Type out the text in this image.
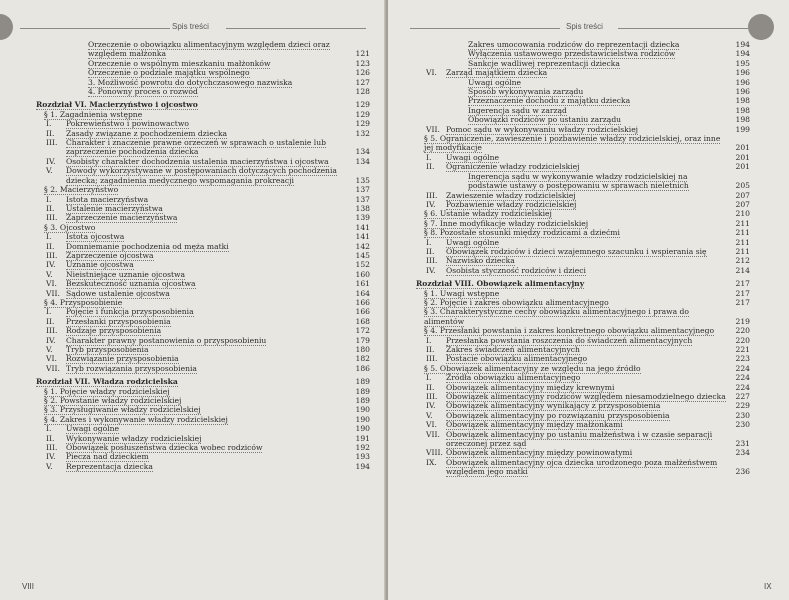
Spis treści
Orzeczenie o obowiązku alimentacyjnym względem dzieci oraz względem małżonka	121
Orzeczenie o wspólnym mieszkaniu małżonków	123
Orzeczenie o podziale majątku wspólnego	126
3. Możliwość powrotu do dotychczasowego nazwiska	127
4. Ponowny proces o rozwód	128
Rozdział VI. Macierzyństwo i ojcostwo	129
§ 1. Zagadnienia wstępne	129
I. Pokrewieństwo i powinowactwo	129
II. Zasady związane z pochodzeniem dziecka	132
III. Charakter i znaczenie prawne orzeczeń w sprawach o ustalenie lub zaprzeczenie pochodzenia dziecka	134
IV. Osobisty charakter dochodzenia ustalenia macierzyństwa i ojcostwa	134
V. Dowody wykorzystywane w postępowaniach dotyczących pochodzenia dziecka; zagadnienia medycznego wspomagania prokreacji	135
§ 2. Macierzyństwo	137
I. Istota macierzyństwa	137
II. Ustalenie macierzyństwa	138
III. Zaprzeczenie macierzyństwa	139
§ 3. Ojcostwo	141
I. Istota ojcostwa	141
II. Domniemanie pochodzenia od męża matki	142
III. Zaprzeczenie ojcostwa	145
IV. Uznanie ojcostwa	152
V. Nieistniejące uznanie ojcostwa	160
VI. Bezskuteczność uznania ojcostwa	161
VII. Sądowe ustalenie ojcostwa	164
§ 4. Przysposobienie	166
I. Pojęcie i funkcja przysposobienia	166
II. Przesłanki przysposobienia	168
III. Rodzaje przysposobienia	172
IV. Charakter prawny postanowienia o przysposobieniu	179
V. Tryb przysposobienia	180
VI. Rozwiązanie przysposobienia	182
VII. Tryb rozwiązania przysposobienia	186
Rozdział VII. Władza rodzicielska	189
§ 1. Pojęcie władzy rodzicielskiej	189
§ 2. Powstanie władzy rodzicielskiej	189
§ 3. Przysługiwanie władzy rodzicielskiej	190
§ 4. Zakres i wykonywanie władzy rodzicielskiej	190
I. Uwagi ogólne	190
II. Wykonywanie władzy rodzicielskiej	191
III. Obowiązek posłuszeństwa dziecka wobec rodziców	192
IV. Piecza nad dzieckiem	193
V. Reprezentacja dziecka	194
VIII
Spis treści
Zakres umocowania rodziców do reprezentacji dziecka	194
Wyłączenia ustawowego przedstawicielstwa rodziców	194
Sankcje wadliwej reprezentacji dziecka	195
VI. Zarząd majątkiem dziecka	196
Uwagi ogólne	196
Sposób wykonywania zarządu	196
Przeznaczenie dochodu z majątku dziecka	198
Ingerencja sądu w zarząd	198
Obowiązki rodziców po ustaniu zarządu	198
VII. Pomoc sądu w wykonywaniu władzy rodzicielskiej	199
§ 5. Ograniczenie, zawieszenie i pozbawienie władzy rodzicielskiej, oraz inne jej modyfikacje	201
I. Uwagi ogólne	201
II. Ograniczenie władzy rodzicielskiej	201
Ingerencja sądu w wykonywanie władzy rodzicielskiej na podstawie ustawy o postępowaniu w sprawach nieletnich	205
III. Zawieszenie władzy rodzicielskiej	207
IV. Pozbawienie władzy rodzicielskiej	207
§ 6. Ustanie władzy rodzicielskiej	210
§ 7. Inne modyfikacje władzy rodzicielskiej	211
§ 8. Pozostałe stosunki między rodzicami a dziećmi	211
I. Uwagi ogólne	211
II. Obowiązek rodziców i dzieci wzajemnego szacunku i wspierania się	211
III. Nazwisko dziecka	212
IV. Osobista styczność rodziców i dzieci	214
Rozdział VIII. Obowiązek alimentacyjny	217
§ 1. Uwagi wstępne	217
§ 2. Pojęcie i zakres obowiązku alimentacyjnego	217
§ 3. Charakterystyczne cechy obowiązku alimentacyjnego i prawa do alimentów	219
§ 4. Przesłanki powstania i zakres konkretnego obowiązku alimentacyjnego	220
I. Przesłanka powstania roszczenia do świadczeń alimentacyjnych	220
II. Zakres świadczeń alimentacyjnych	221
III. Postacie obowiązku alimentacyjnego	223
§ 5. Obowiązek alimentacyjny ze względu na jego źródło	224
I. Źródła obowiązku alimentacyjnego	224
II. Obowiązek alimentacyjny między krewnymi	224
III. Obowiązek alimentacyjny rodziców względem niesamodzielnego dziecka 227
IV. Obowiązek alimentacyjny wynikający z przysposobienia	229
V. Obowiązek alimentacyjny po rozwiązaniu przysposobienia	230
VI. Obowiązek alimentacyjny między małżonkami	230
VII. Obowiązek alimentacyjny po ustaniu małżeństwa i w czasie separacji orzeczonej przez sąd	231
VIII. Obowiązek alimentacyjny między powinowatymi	234
IX. Obowiązek alimentacyjny ojca dziecka urodzonego poza małżeństwem względem jego matki	236
IX
